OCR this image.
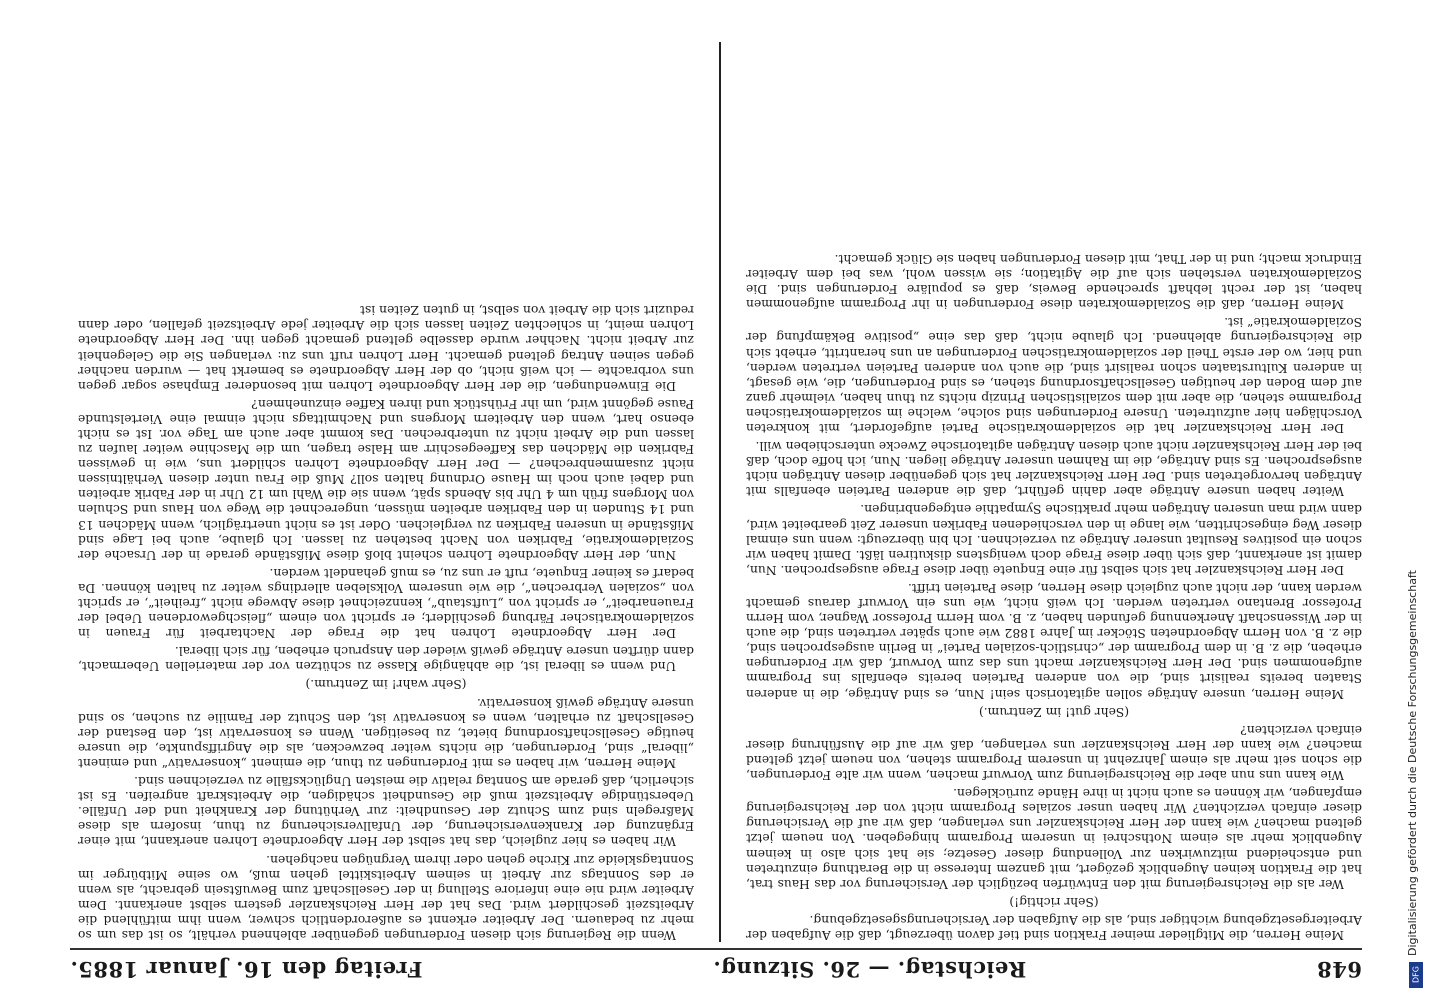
648
Reichstag. — 26. Sitzung.
Freitag den 16. Januar 1885.

Meine Herren, die Mitglieder meiner Fraktion sind tief davon überzeugt, daß die Aufgaben der Arbeitergesetzgebung wichtiger sind, als die Aufgaben der Versicherungsgesetzgebung.

(Sehr richtig!)

Wer als die Reichsregierung mit den Entwürfen bezüglich der Versicherung vor das Haus trat, hat die Fraktion keinen Augenblick gezögert, mit ganzem Interesse in die Berathung einzutreten und entscheidend mitzuwirken zur Vollendung dieser Gesetze; sie hat sich also in keinem Augenblick mehr als einem Nothschrei in unserem Programm hingegeben. Von neuem jetzt geltend machen? wie kann der Herr Reichskanzler uns verlangen, daß wir auf die Versicherung dieser einfach verzichten? Wir haben unser soziales Programm nicht von der Reichsregierung empfangen, wir können es auch nicht in ihre Hände zurücklegen.

Wie kann uns nun aber die Reichsregierung zum Vorwurf machen, wenn wir alte Forderungen, die schon seit mehr als einem Jahrzehnt in unserem Programm stehen, von neuem jetzt geltend machen? wie kann der Herr Reichskanzler uns verlangen, daß wir auf die Ausführung dieser einfach verzichten?

(Sehr gut! im Zentrum.)

Meine Herren, unsere Anträge sollen agitatorisch sein! Nun, es sind Anträge, die in anderen Staaten bereits realisirt sind, die von anderen Parteien bereits ebenfalls ins Programm aufgenommen sind. Der Herr Reichskanzler macht uns das zum Vorwurf, daß wir Forderungen erheben, die z. B. in dem Programm der „christlich-sozialen Partei“ in Berlin ausgesprochen sind, die z. B. von Herrn Abgeordneten Stöcker im Jahre 1882 wie auch später vertreten sind, die auch in der Wissenschaft Anerkennung gefunden haben, z. B. vom Herrn Professor Wagner, vom Herrn Professor Brentano vertreten werden. Ich weiß nicht, wie uns ein Vorwurf daraus gemacht werden kann, der nicht auch zugleich diese Herren, diese Parteien trifft.

Der Herr Reichskanzler hat sich selbst für eine Enquete über diese Frage ausgesprochen. Nun, damit ist anerkannt, daß sich über diese Frage doch wenigstens diskutiren läßt. Damit haben wir schon ein positives Resultat unserer Anträge zu verzeichnen. Ich bin überzeugt: wenn uns einmal dieser Weg eingeschritten, wie lange in den verschiedenen Fabriken unserer Zeit gearbeitet wird, dann wird man unseren Anträgen mehr praktische Sympathie entgegenbringen.

Weiter haben unsere Anträge aber dahin geführt, daß die anderen Parteien ebenfalls mit Anträgen hervorgetreten sind. Der Herr Reichskanzler hat sich gegenüber diesen Anträgen nicht ausgesprochen. Es sind Anträge, die im Rahmen unserer Anträge liegen. Nun, ich hoffe doch, daß bei der Herr Reichskanzler nicht auch diesen Anträgen agitatorische Zwecke unterschieben will.

Der Herr Reichskanzler hat die sozialdemokratische Partei aufgefordert, mit konkreten Vorschlägen hier aufzutreten. Unsere Forderungen sind solche, welche im sozialdemokratischen Programme stehen, die aber mit dem sozialistischen Prinzip nichts zu thun haben, vielmehr ganz auf dem Boden der heutigen Gesellschaftsordnung stehen, es sind Forderungen, die, wie gesagt, in anderen Kulturstaaten schon realisirt sind, die auch von anderen Parteien vertreten werden, und hier, wo der erste Theil der sozialdemokratischen Forderungen an uns herantritt, erhebt sich die Reichsregierung ablehnend. Ich glaube nicht, daß das eine „positive Bekämpfung der Sozialdemokratie“ ist.

Meine Herren, daß die Sozialdemokraten diese Forderungen in ihr Programm aufgenommen haben, ist der recht lebhaft sprechende Beweis, daß es populäre Forderungen sind. Die Sozialdemokraten verstehen sich auf die Agitation; sie wissen wohl, was bei dem Arbeiter Eindruck macht; und in der That, mit diesen Forderungen haben sie Glück gemacht.

Wenn die Regierung sich diesen Forderungen gegenüber ablehnend verhält, so ist das um so mehr zu bedauern. Der Arbeiter erkennt es außerordentlich schwer, wenn ihm mitfühlend die Arbeitszeit geschildert wird. Das hat der Herr Reichskanzler gestern selbst anerkannt. Dem Arbeiter wird nie eine inferiore Stellung in der Gesellschaft zum Bewußtsein gebracht, als wenn er des Sonntags zur Arbeit in seinem Arbeitskittel gehen muß, wo seine Mitbürger im Sonntagskleide zur Kirche gehen oder ihrem Vergnügen nachgehen.

Wir haben es hier zugleich, das hat selbst der Herr Abgeordnete Lohren anerkannt, mit einer Ergänzung der Krankenversicherung, der Unfallversicherung zu thun, insofern als diese Maßregeln sind zum Schutz der Gesundheit: zur Verhütung der Krankheit und der Unfälle. Ueberstündige Arbeitszeit muß die Gesundheit schädigen, die Arbeitskraft angreifen. Es ist sicherlich, daß gerade am Sonntag relativ die meisten Unglücksfälle zu verzeichnen sind.

Meine Herren, wir haben es mit Forderungen zu thun, die eminent „konservativ“ und eminent „liberal“ sind, Forderungen, die nichts weiter bezwecken, als die Angriffspunkte, die unsere heutige Gesellschaftsordnung bietet, zu beseitigen. Wenn es konservativ ist, den Bestand der Gesellschaft zu erhalten, wenn es konservativ ist, den Schutz der Familie zu suchen, so sind unsere Anträge gewiß konservativ.

(Sehr wahr! im Zentrum.)

Und wenn es liberal ist, die abhängige Klasse zu schützen vor der materiellen Uebermacht, dann dürften unsere Anträge gewiß wieder den Anspruch erheben, für sich liberal.

Der Herr Abgeordnete Lohren hat die Frage der Nachtarbeit für Frauen in sozialdemokratischer Färbung geschildert; er spricht von einem „fleischgewordenen Uebel der Frauenarbeit“, er spricht von „Luftstaub“, kennzeichnet diese Abwege nicht „freiheit“, er spricht von „sozialen Verbrechen“, die wie unserem Volksleben allerdings weiter zu halten können. Da bedarf es keiner Enquete, ruft er uns zu, es muß gehandelt werden.

Nun, der Herr Abgeordnete Lohren scheint bloß diese Mißstände gerade in der Ursache der Sozialdemokratie, Fabriken von Nacht bestehen zu lassen. Ich glaube, auch bei Lage sind Mißstände in unseren Fabriken zu vergleichen. Oder ist es nicht unerträglich, wenn Mädchen 13 und 14 Stunden in den Fabriken arbeiten müssen, ungerechnet die Wege von Haus und Schulen von Morgens früh um 4 Uhr bis Abends spät, wenn sie die Wahl um 12 Uhr in der Fabrik arbeiten und dabei auch noch im Hause Ordnung halten soll? Muß die Frau unter diesen Verhältnissen nicht zusammenbrechen? — Der Herr Abgeordnete Lohren schildert uns, wie in gewissen Fabriken die Mädchen das Kaffeegeschirr am Halse tragen, um die Maschine weiter laufen zu lassen und die Arbeit nicht zu unterbrechen. Das kommt aber auch am Tage vor. Ist es nicht ebenso hart, wenn den Arbeitern Morgens und Nachmittags nicht einmal eine Viertelstunde Pause gegönnt wird, um ihr Frühstück und ihren Kaffee einzunehmen?

Die Einwendungen, die der Herr Abgeordnete Lohren mit besonderer Emphase sogar gegen uns vorbrachte — ich weiß nicht, ob der Herr Abgeordnete es bemerkt hat — wurden nachher gegen seinen Antrag geltend gemacht. Herr Lohren ruft uns zu: verlangen Sie die Gelegenheit zur Arbeit nicht. Nachher wurde dasselbe geltend gemacht gegen ihn. Der Herr Abgeordnete Lohren meint, in schlechten Zeiten lassen sich die Arbeiter jede Arbeitszeit gefallen, oder dann reduzirt sich die Arbeit von selbst, in guten Zeiten ist

Digitalisierung gefördert durch die Deutsche Forschungsgemeinschaft
DFG
